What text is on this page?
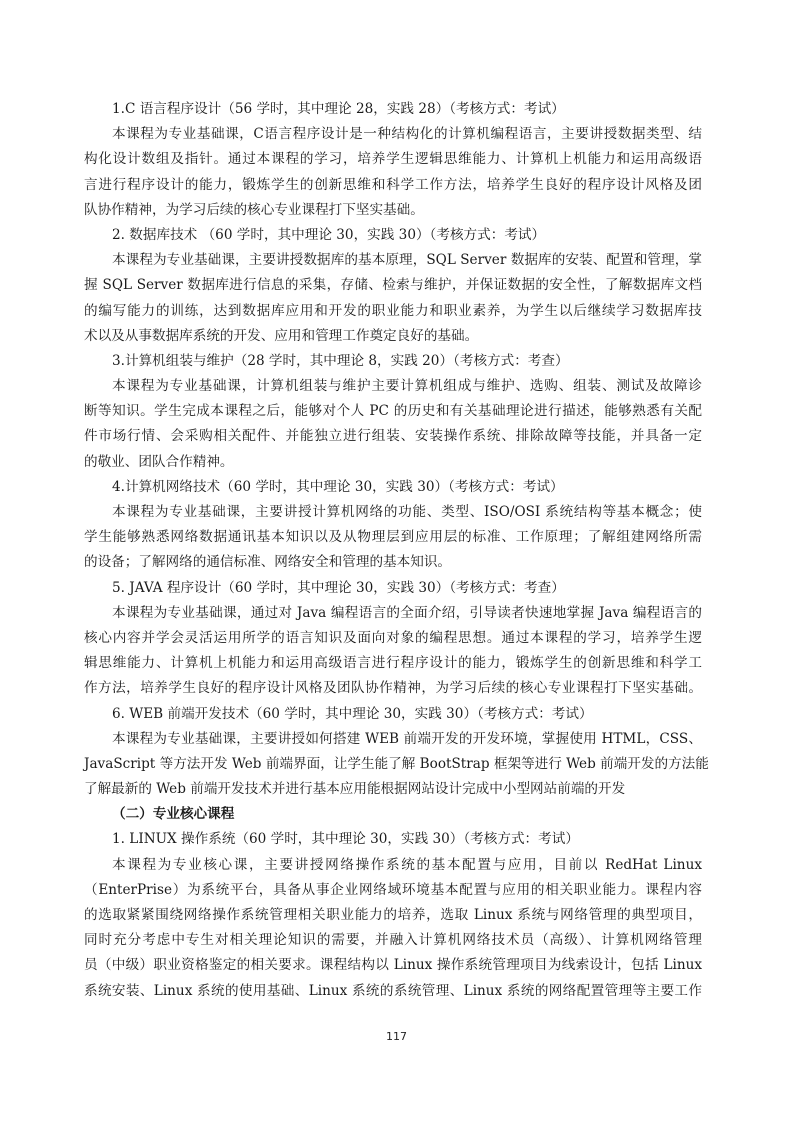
1.C 语言程序设计（56 学时，其中理论 28，实践 28）（考核方式：考试）
本课程为专业基础课，C语言程序设计是一种结构化的计算机编程语言，主要讲授数据类型、结
构化设计数组及指针。通过本课程的学习，培养学生逻辑思维能力、计算机上机能力和运用高级语
言进行程序设计的能力，锻炼学生的创新思维和科学工作方法，培养学生良好的程序设计风格及团
队协作精神，为学习后续的核心专业课程打下坚实基础。
2. 数据库技术 （60 学时，其中理论 30，实践 30）（考核方式：考试）
本课程为专业基础课，主要讲授数据库的基本原理，SQL Server 数据库的安装、配置和管理，掌
握 SQL Server 数据库进行信息的采集，存储、检索与维护，并保证数据的安全性，了解数据库文档
的编写能力的训练，达到数据库应用和开发的职业能力和职业素养，为学生以后继续学习数据库技
术以及从事数据库系统的开发、应用和管理工作奠定良好的基础。
3.计算机组装与维护（28 学时，其中理论 8，实践 20）（考核方式：考查）
本课程为专业基础课，计算机组装与维护主要计算机组成与维护、选购、组装、测试及故障诊
断等知识。学生完成本课程之后，能够对个人 PC 的历史和有关基础理论进行描述，能够熟悉有关配
件市场行情、会采购相关配件、并能独立进行组装、安装操作系统、排除故障等技能，并具备一定
的敬业、团队合作精神。
4.计算机网络技术（60 学时，其中理论 30，实践 30）（考核方式：考试）
本课程为专业基础课，主要讲授计算机网络的功能、类型、ISO/OSI 系统结构等基本概念；使
学生能够熟悉网络数据通讯基本知识以及从物理层到应用层的标准、工作原理；了解组建网络所需
的设备；了解网络的通信标准、网络安全和管理的基本知识。
5. JAVA 程序设计（60 学时，其中理论 30，实践 30）（考核方式：考查）
本课程为专业基础课，通过对 Java 编程语言的全面介绍，引导读者快速地掌握 Java 编程语言的
核心内容并学会灵活运用所学的语言知识及面向对象的编程思想。通过本课程的学习，培养学生逻
辑思维能力、计算机上机能力和运用高级语言进行程序设计的能力，锻炼学生的创新思维和科学工
作方法，培养学生良好的程序设计风格及团队协作精神，为学习后续的核心专业课程打下坚实基础。
6. WEB 前端开发技术（60 学时，其中理论 30，实践 30）（考核方式：考试）
本课程为专业基础课，主要讲授如何搭建 WEB 前端开发的开发环境，掌握使用 HTML，CSS、
JavaScript 等方法开发 Web 前端界面，让学生能了解 BootStrap 框架等进行 Web 前端开发的方法能
了解最新的 Web 前端开发技术并进行基本应用能根据网站设计完成中小型网站前端的开发
（二）专业核心课程
1. LINUX 操作系统（60 学时，其中理论 30，实践 30）（考核方式：考试）
本课程为专业核心课，主要讲授网络操作系统的基本配置与应用，目前以 RedHat Linux
（EnterPrise）为系统平台，具备从事企业网络域环境基本配置与应用的相关职业能力。课程内容
的选取紧紧围绕网络操作系统管理相关职业能力的培养，选取 Linux 系统与网络管理的典型项目，
同时充分考虑中专生对相关理论知识的需要，并融入计算机网络技术员（高级）、计算机网络管理
员（中级）职业资格鉴定的相关要求。课程结构以 Linux 操作系统管理项目为线索设计，包括 Linux
系统安装、Linux 系统的使用基础、Linux 系统的系统管理、Linux 系统的网络配置管理等主要工作
117
